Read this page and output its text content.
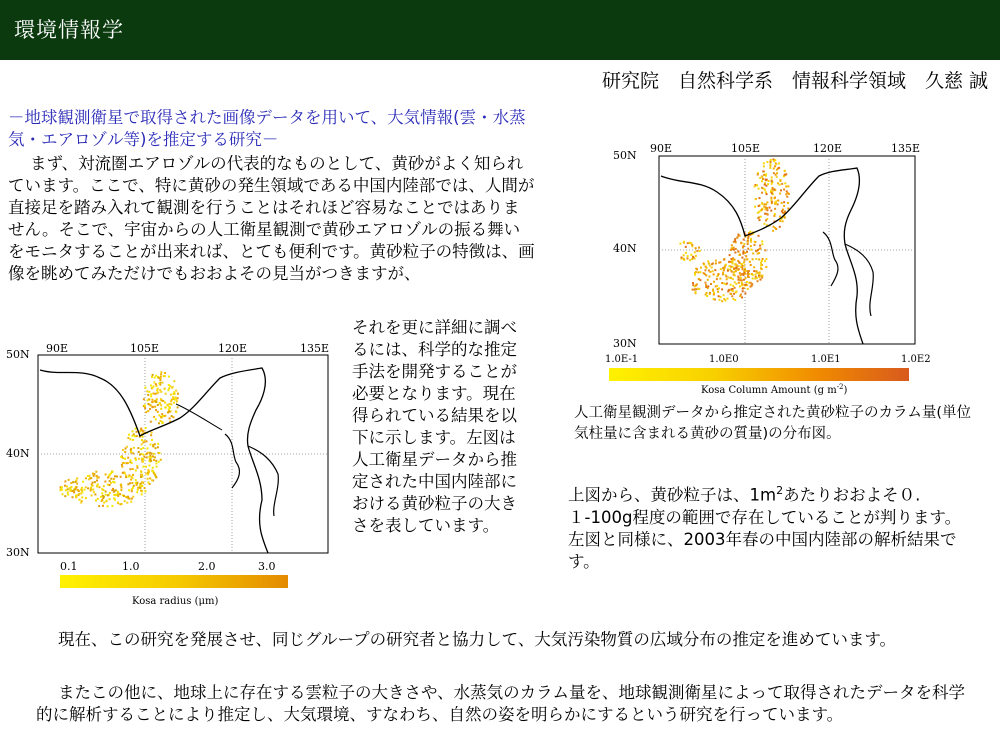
環境情報学
研究院　自然科学系　情報科学領域　久慈 誠
－地球観測衛星で取得された画像データを用いて、大気情報(雲・水蒸気・エアロゾル等)を推定する研究－
まず、対流圏エアロゾルの代表的なものとして、黄砂がよく知られています。ここで、特に黄砂の発生領域である中国内陸部では、人間が直接足を踏み入れて観測を行うことはそれほど容易なことではありません。そこで、宇宙からの人工衛星観測で黄砂エアロゾルの振る舞いをモニタすることが出来れば、とても便利です。黄砂粒子の特徴は、画像を眺めてみただけでもおおよその見当がつきますが、
それを更に詳細に調べるには、科学的な推定手法を開発することが必要となります。現在得られている結果を以下に示します。左図は人工衛星データから推定された中国内陸部における黄砂粒子の大きさを表しています。
90E	105E	120E	135E
50N
40N
30N
0.1	1.0	2.0	3.0
Kosa radius (μm)
90E	105E	120E	135E
50N
40N
30N
1.0E-1	1.0E0	1.0E1	1.0E2
Kosa Column Amount (g $m^{-2}$)
人工衛星観測データから推定された黄砂粒子のカラム量(単位気柱量に含まれる黄砂の質量)の分布図。
上図から、黄砂粒子は、$1m^2$あたりおおよそ０.１-100g程度の範囲で存在していることが判ります。左図と同様に、2003年春の中国内陸部の解析結果です。
現在、この研究を発展させ、同じグループの研究者と協力して、大気汚染物質の広域分布の推定を進めています。
またこの他に、地球上に存在する雲粒子の大きさや、水蒸気のカラム量を、地球観測衛星によって取得されたデータを科学的に解析することにより推定し、大気環境、すなわち、自然の姿を明らかにするという研究を行っています。
